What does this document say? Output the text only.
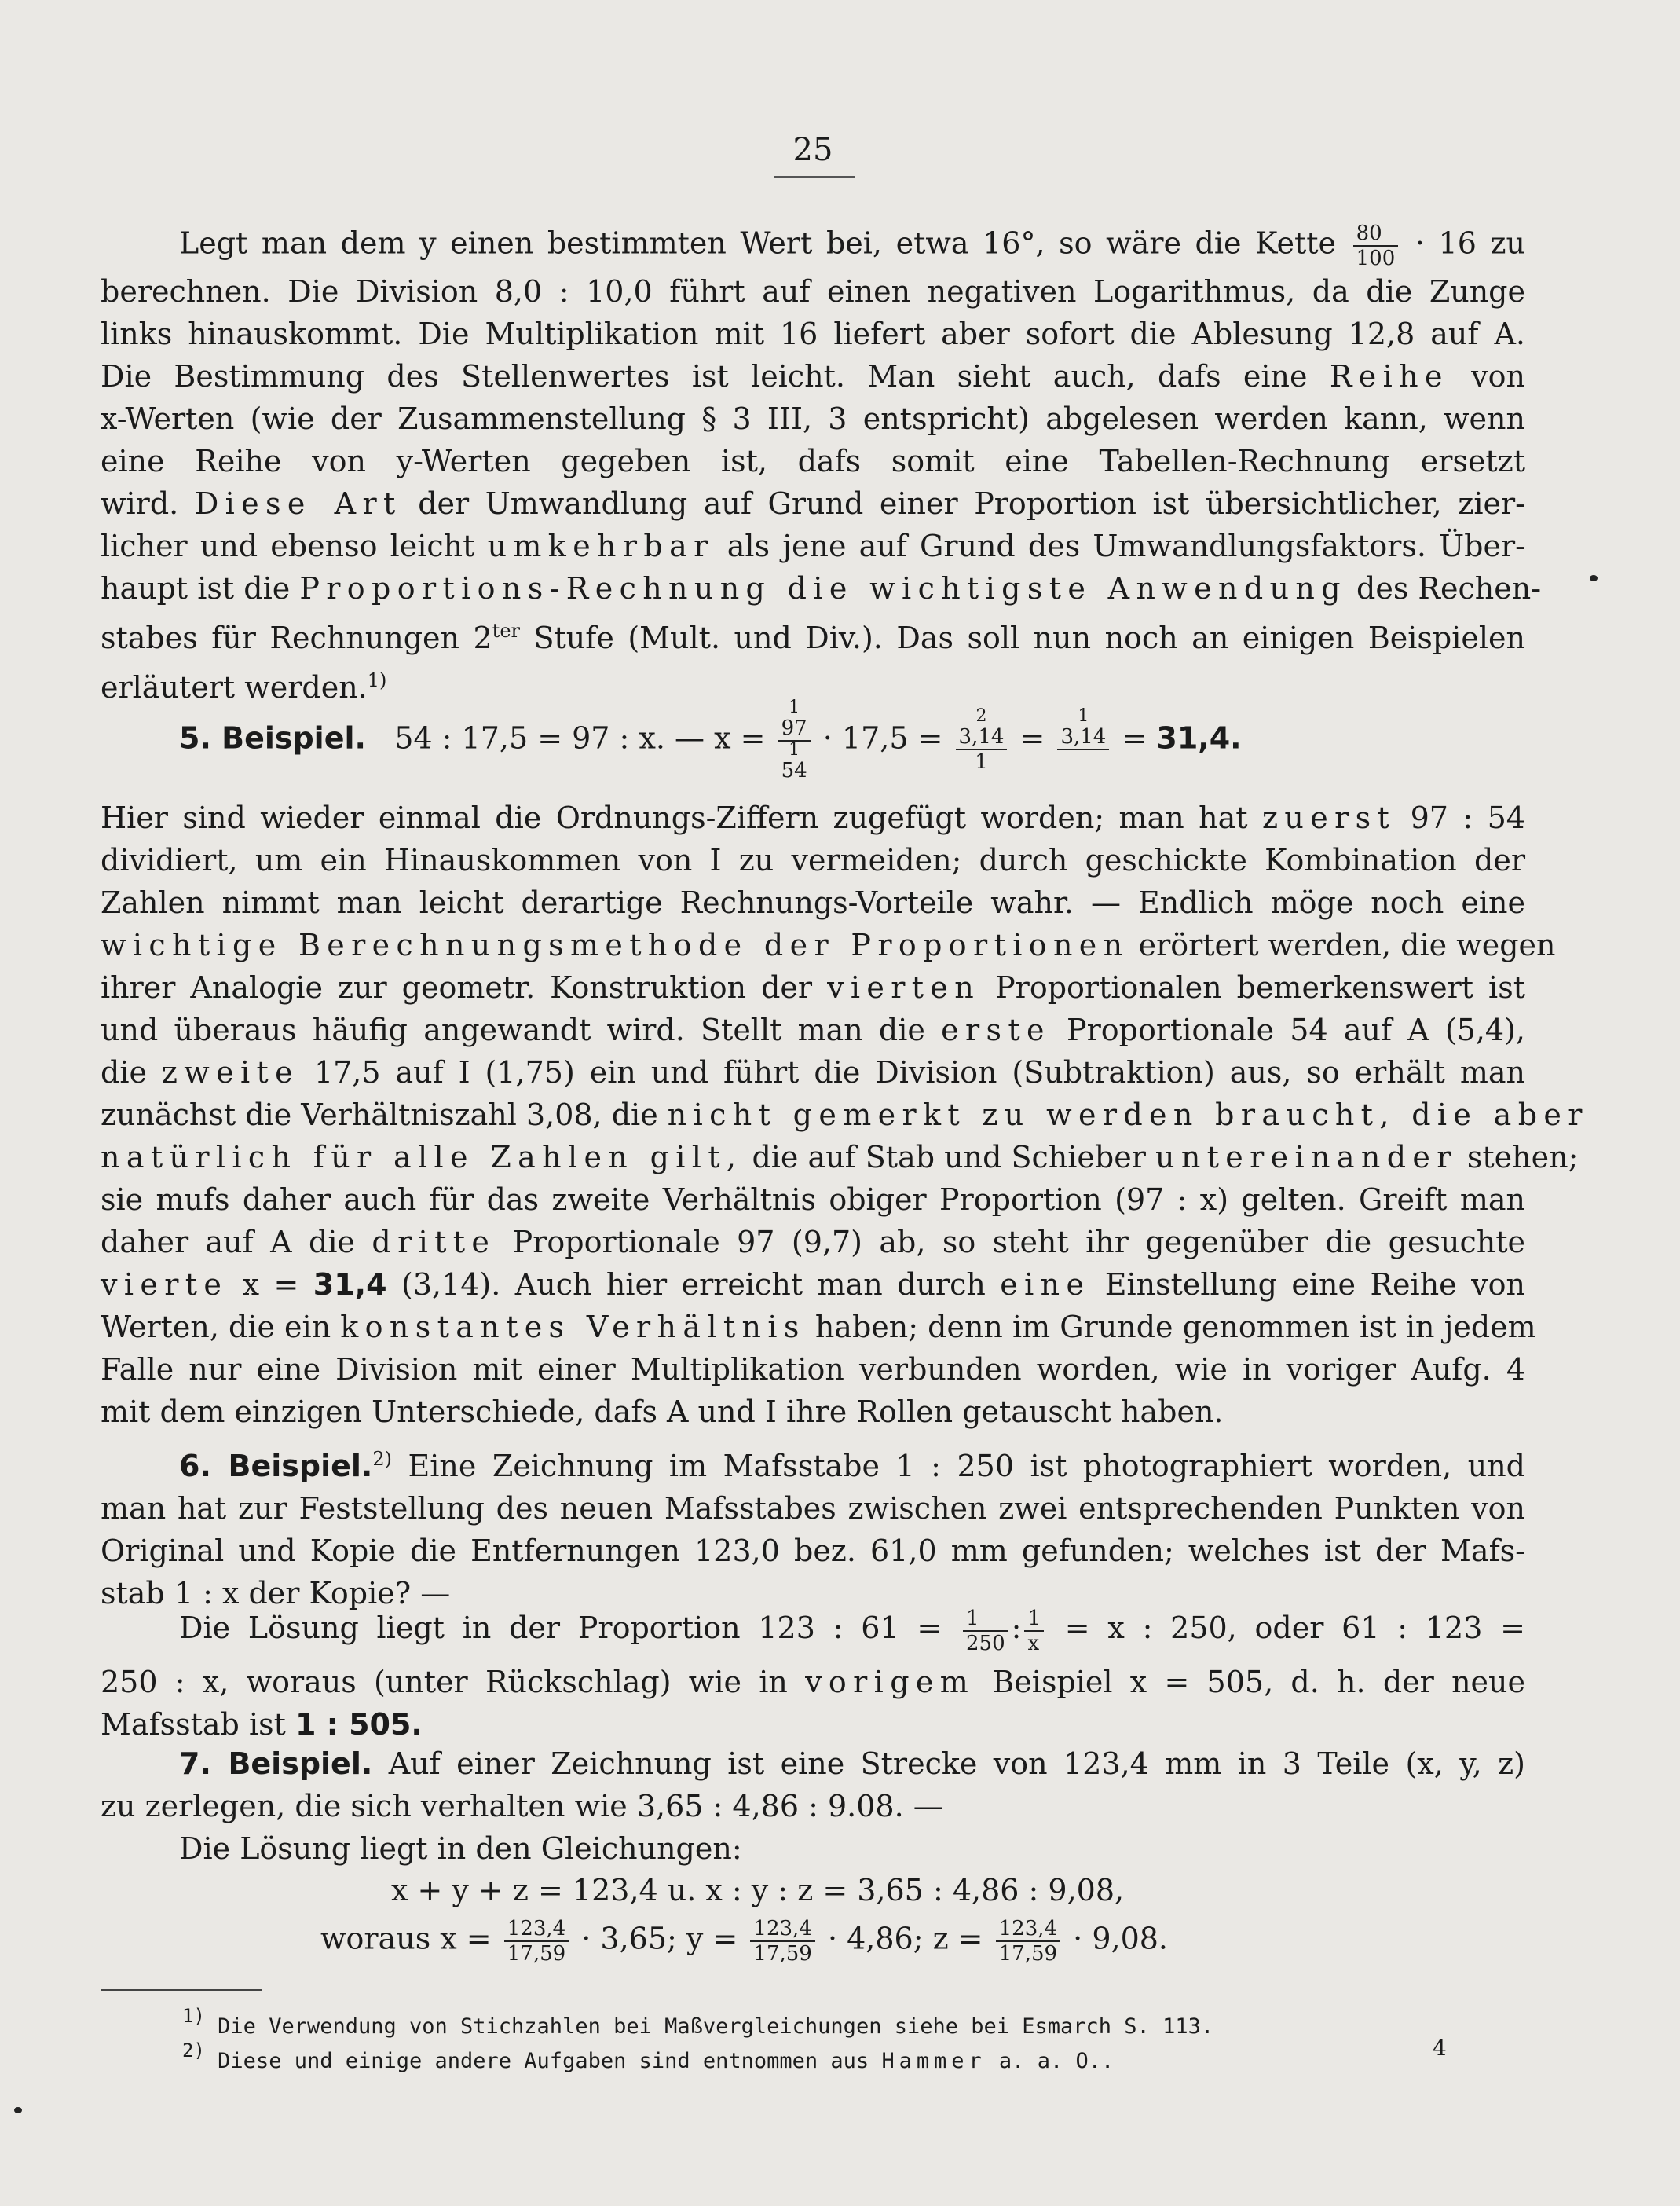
25
Legt man dem y einen bestimmten Wert bei, etwa 16°, so wäre die Kette $\frac{80}{100} \cdot 16$ zu
berechnen. Die Division 8,0 : 10,0 führt auf einen negativen Logarithmus, da die Zunge
links hinauskommt. Die Multiplikation mit 16 liefert aber sofort die Ablesung 12,8 auf A.
Die Bestimmung des Stellenwertes ist leicht. Man sieht auch, dafs eine Reihe von
x-Werten (wie der Zusammenstellung § 3 III, 3 entspricht) abgelesen werden kann, wenn
eine Reihe von y-Werten gegeben ist, dafs somit eine Tabellen-Rechnung ersetzt
wird. Diese Art der Umwandlung auf Grund einer Proportion ist übersichtlicher, zier-
licher und ebenso leicht umkehrbar als jene auf Grund des Umwandlungsfaktors. Über-
haupt ist die Proportions-Rechnung die wichtigste Anwendung des Rechen-
stabes für Rechnungen $2^{ter}$ Stufe (Mult. und Div.). Das soll nun noch an einigen Beispielen
erläutert werden.$^{1)}$
5. Beispiel. 54 : 17,5 = 97 : x. — x =
1
97
1
54
· 17,5 =
2
3,14
1
=
1
3,14
= 31,4.
Hier sind wieder einmal die Ordnungs-Ziffern zugefügt worden; man hat zuerst 97 : 54
dividiert, um ein Hinauskommen von I zu vermeiden; durch geschickte Kombination der
Zahlen nimmt man leicht derartige Rechnungs-Vorteile wahr. — Endlich möge noch eine
wichtige Berechnungsmethode der Proportionen erörtert werden, die wegen
ihrer Analogie zur geometr. Konstruktion der vierten Proportionalen bemerkenswert ist
und überaus häufig angewandt wird. Stellt man die erste Proportionale 54 auf A (5,4),
die zweite 17,5 auf I (1,75) ein und führt die Division (Subtraktion) aus, so erhält man
zunächst die Verhältniszahl 3,08, die nicht gemerkt zu werden braucht, die aber
natürlich für alle Zahlen gilt, die auf Stab und Schieber untereinander stehen;
sie mufs daher auch für das zweite Verhältnis obiger Proportion (97 : x) gelten. Greift man
daher auf A die dritte Proportionale 97 (9,7) ab, so steht ihr gegenüber die gesuchte
vierte x = 31,4 (3,14). Auch hier erreicht man durch eine Einstellung eine Reihe von
Werten, die ein konstantes Verhältnis haben; denn im Grunde genommen ist in jedem
Falle nur eine Division mit einer Multiplikation verbunden worden, wie in voriger Aufg. 4
mit dem einzigen Unterschiede, dafs A und I ihre Rollen getauscht haben.
6. Beispiel.$^{2)}$ Eine Zeichnung im Mafsstabe 1 : 250 ist photographiert worden, und
man hat zur Feststellung des neuen Mafsstabes zwischen zwei entsprechenden Punkten von
Original und Kopie die Entfernungen 123,0 bez. 61,0 mm gefunden; welches ist der Mafs-
stab 1 : x der Kopie? —
Die Lösung liegt in der Proportion 123 : $61 = \frac{1}{250}$ : $\frac{1}{x} = x$ : 250, oder 61 : 123 =
250 : x, woraus (unter Rückschlag) wie in vorigem Beispiel x = 505, d. h. der neue
Mafsstab ist 1 : 505.
7. Beispiel. Auf einer Zeichnung ist eine Strecke von 123,4 mm in 3 Teile (x, y, z)
zu zerlegen, die sich verhalten wie 3,65 : 4,86 : 9.08. —
Die Lösung liegt in den Gleichungen:
x + y + z = 123,4 u. x : y : z = 3,65 : 4,86 : 9,08,
woraus $x = \frac{123,4}{17,59} \cdot 3,65$; $y = \frac{123,4}{17,59} \cdot 4,86$; $z = \frac{123,4}{17,59} \cdot 9,08$.
1) Die Verwendung von Stichzahlen bei Maßvergleichungen siehe bei Esmarch S. 113.
2) Diese und einige andere Aufgaben sind entnommen aus Hammer a. a. O..
4
